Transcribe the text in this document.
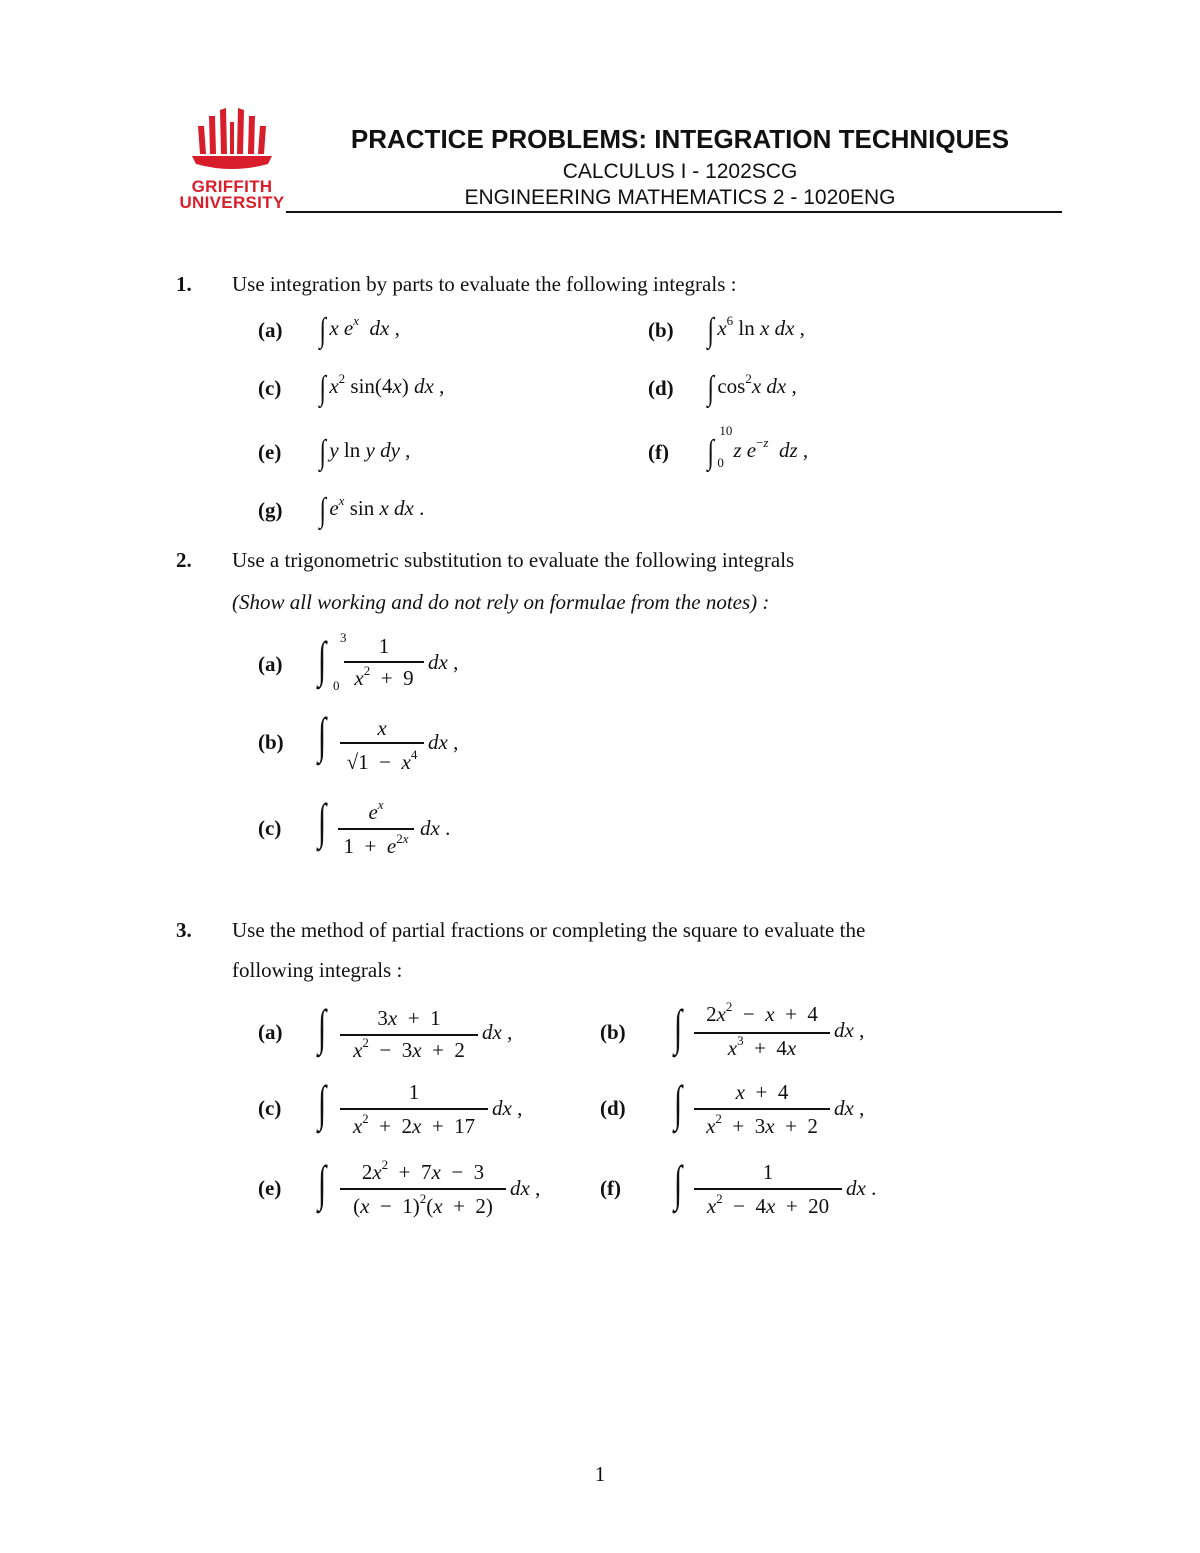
GRIFFITH
UNIVERSITY
PRACTICE PROBLEMS: INTEGRATION TECHNIQUES
CALCULUS I - 1202SCG
ENGINEERING MATHEMATICS 2 - 1020ENG
1. Use integration by parts to evaluate the following integrals :
(a) ∫ x $e^x$ dx ,	(b) ∫ $x^6$ ln x dx ,
(c) ∫ $x^2$ sin(4x) dx ,	(d) ∫ $\cos^2x$ dx ,
(e) ∫ y ln y dy ,	(f) ∫
10
0
z $e^{-z}$ dz ,
(g) ∫ $e^x$ sin x dx .
2. Use a trigonometric substitution to evaluate the following integrals
(Show all working and do not rely on formulae from the notes) :
(a) ∫ 3
0
1
$x^2 + 9$
dx ,
(b) ∫	x
$√1 - x^4$
dx ,
(c) ∫	$e^x$
$1 + e^{2x}$ dx .
3. Use the method of partial fractions or completing the square to evaluate the
following integrals :
(a) ∫	3x  +  1
$x^2 - 3x + 2$
dx ,	(b) ∫	$2x^2 - x + 4$
$x^3 + 4x$
dx ,
(c) ∫	1
$x^2 + 2x + 17$
dx ,	(d) ∫	x  +  4
$x^2 + 3x + 2$
dx ,
(e) ∫	$2x^2 + 7x - 3$
$(x - 1)^2(x + 2)$
dx ,	(f) ∫	1
$x^2 - 4x + 20$
dx .
1
